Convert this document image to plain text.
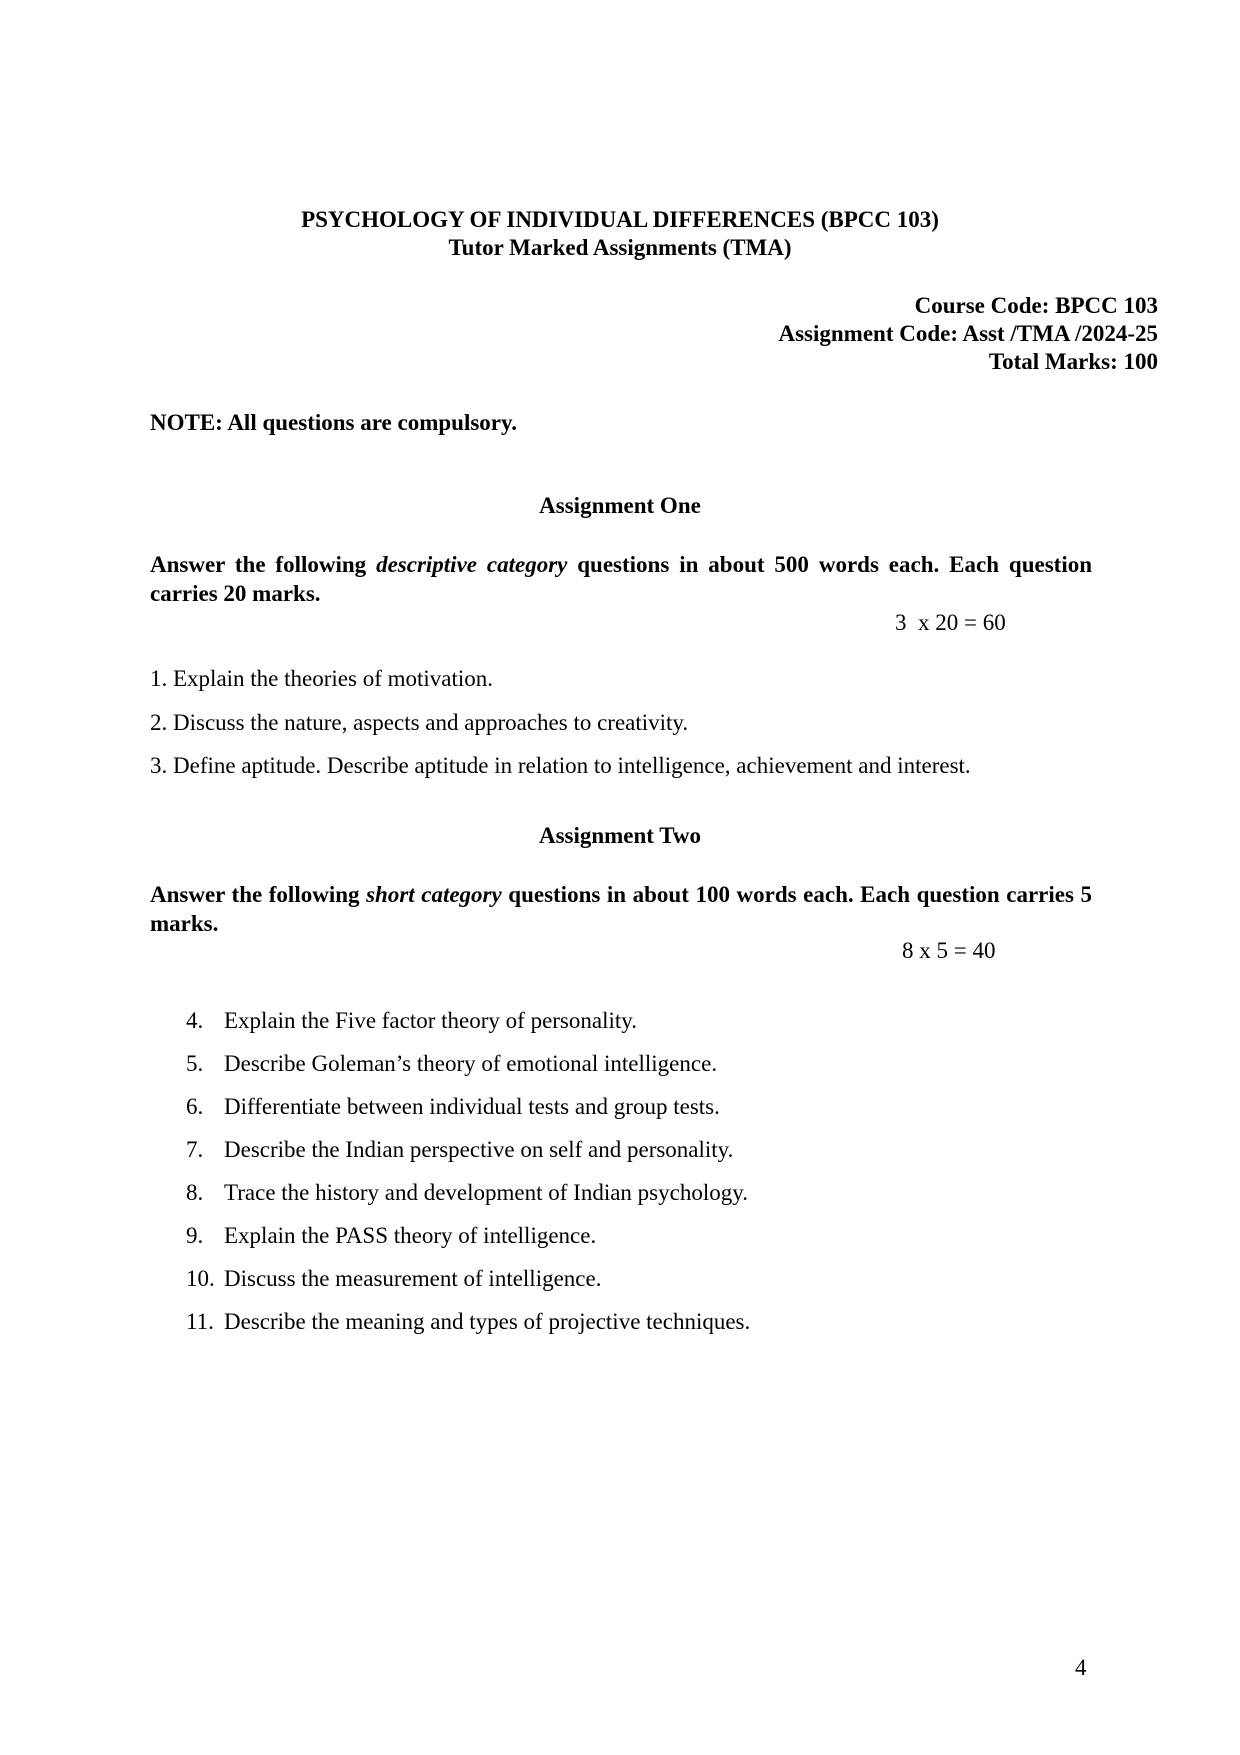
PSYCHOLOGY OF INDIVIDUAL DIFFERENCES (BPCC 103)
Tutor Marked Assignments (TMA)
Course Code: BPCC 103
Assignment Code: Asst /TMA /2024-25
Total Marks: 100
NOTE: All questions are compulsory.
Assignment One
Answer the following descriptive category questions in about 500 words each. Each question carries 20 marks.
3  x 20 = 60
1. Explain the theories of motivation.
2. Discuss the nature, aspects and approaches to creativity.
3. Define aptitude. Describe aptitude in relation to intelligence, achievement and interest.
Assignment Two
Answer the following short category questions in about 100 words each. Each question carries 5 marks.
8 x 5 = 40
4. Explain the Five factor theory of personality.
5. Describe Goleman’s theory of emotional intelligence.
6. Differentiate between individual tests and group tests.
7. Describe the Indian perspective on self and personality.
8. Trace the history and development of Indian psychology.
9. Explain the PASS theory of intelligence.
10. Discuss the measurement of intelligence.
11. Describe the meaning and types of projective techniques.
4
